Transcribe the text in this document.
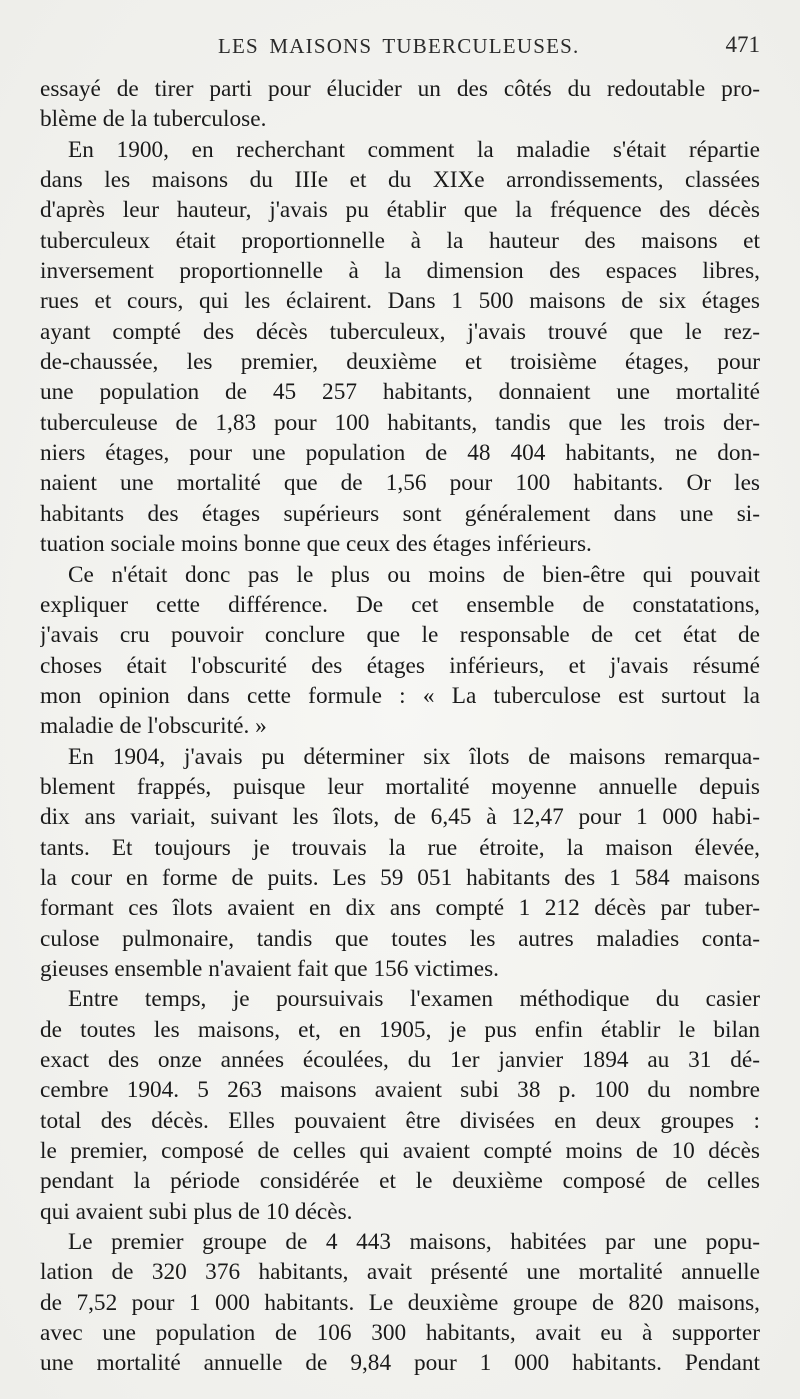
LES MAISONS TUBERCULEUSES.	471
essayé de tirer parti pour élucider un des côtés du redoutable pro-
blème de la tuberculose.
En 1900, en recherchant comment la maladie s'était répartie
dans les maisons du IIIe et du XIXe arrondissements, classées
d'après leur hauteur, j'avais pu établir que la fréquence des décès
tuberculeux était proportionnelle à la hauteur des maisons et
inversement proportionnelle à la dimension des espaces libres,
rues et cours, qui les éclairent. Dans 1 500 maisons de six étages
ayant compté des décès tuberculeux, j'avais trouvé que le rez-
de-chaussée, les premier, deuxième et troisième étages, pour
une population de 45 257 habitants, donnaient une mortalité
tuberculeuse de 1,83 pour 100 habitants, tandis que les trois der-
niers étages, pour une population de 48 404 habitants, ne don-
naient une mortalité que de 1,56 pour 100 habitants. Or les
habitants des étages supérieurs sont généralement dans une si-
tuation sociale moins bonne que ceux des étages inférieurs.
Ce n'était donc pas le plus ou moins de bien-être qui pouvait
expliquer cette différence. De cet ensemble de constatations,
j'avais cru pouvoir conclure que le responsable de cet état de
choses était l'obscurité des étages inférieurs, et j'avais résumé
mon opinion dans cette formule : « La tuberculose est surtout la
maladie de l'obscurité. »
En 1904, j'avais pu déterminer six îlots de maisons remarqua-
blement frappés, puisque leur mortalité moyenne annuelle depuis
dix ans variait, suivant les îlots, de 6,45 à 12,47 pour 1 000 habi-
tants. Et toujours je trouvais la rue étroite, la maison élevée,
la cour en forme de puits. Les 59 051 habitants des 1 584 maisons
formant ces îlots avaient en dix ans compté 1 212 décès par tuber-
culose pulmonaire, tandis que toutes les autres maladies conta-
gieuses ensemble n'avaient fait que 156 victimes.
Entre temps, je poursuivais l'examen méthodique du casier
de toutes les maisons, et, en 1905, je pus enfin établir le bilan
exact des onze années écoulées, du 1er janvier 1894 au 31 dé-
cembre 1904. 5 263 maisons avaient subi 38 p. 100 du nombre
total des décès. Elles pouvaient être divisées en deux groupes :
le premier, composé de celles qui avaient compté moins de 10 décès
pendant la période considérée et le deuxième composé de celles
qui avaient subi plus de 10 décès.
Le premier groupe de 4 443 maisons, habitées par une popu-
lation de 320 376 habitants, avait présenté une mortalité annuelle
de 7,52 pour 1 000 habitants. Le deuxième groupe de 820 maisons,
avec une population de 106 300 habitants, avait eu à supporter
une mortalité annuelle de 9,84 pour 1 000 habitants. Pendant
